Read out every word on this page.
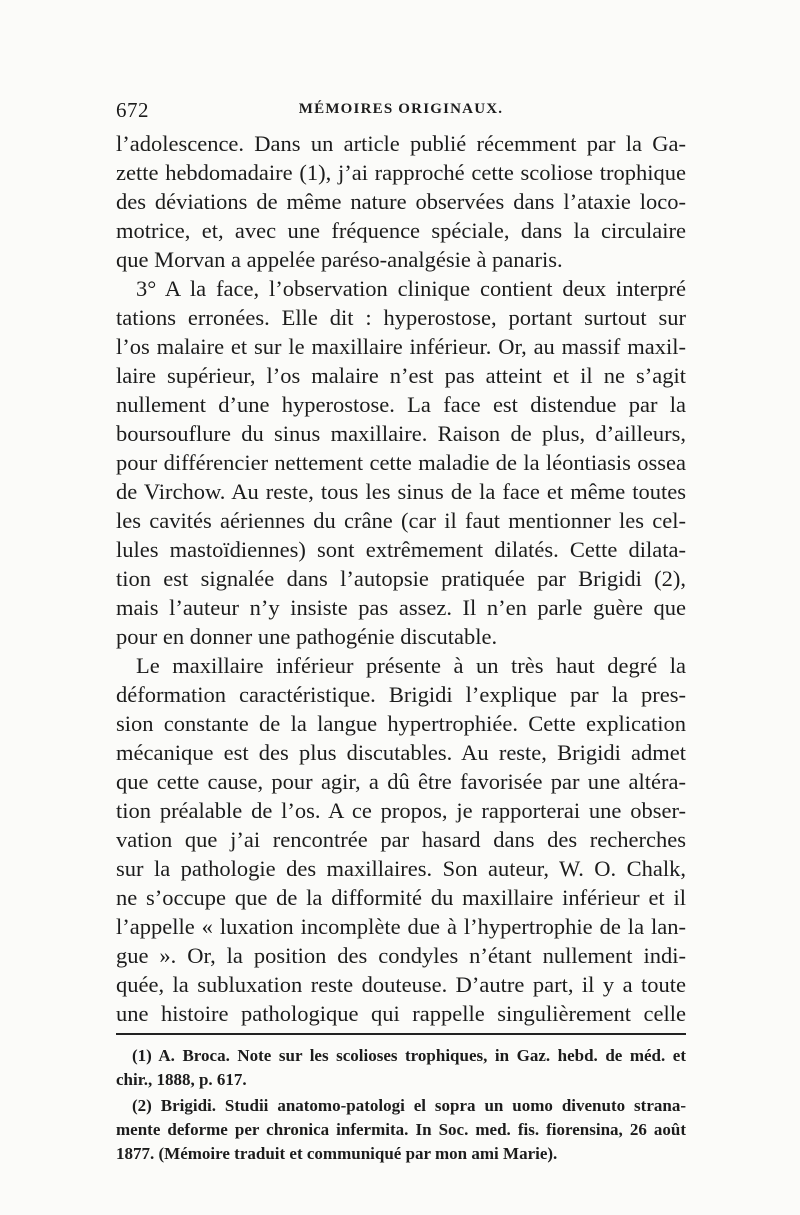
672	MÉMOIRES ORIGINAUX.
l’adolescence. Dans un article publié récemment par la Ga-
zette hebdomadaire (1), j’ai rapproché cette scoliose trophique
des déviations de même nature observées dans l’ataxie loco-
motrice, et, avec une fréquence spéciale, dans la circulaire
que Morvan a appelée paréso-analgésie à panaris.
3° A la face, l’observation clinique contient deux interpré
tations erronées. Elle dit : hyperostose, portant surtout sur
l’os malaire et sur le maxillaire inférieur. Or, au massif maxil-
laire supérieur, l’os malaire n’est pas atteint et il ne s’agit
nullement d’une hyperostose. La face est distendue par la
boursouflure du sinus maxillaire. Raison de plus, d’ailleurs,
pour différencier nettement cette maladie de la léontiasis ossea
de Virchow. Au reste, tous les sinus de la face et même toutes
les cavités aériennes du crâne (car il faut mentionner les cel-
lules mastoïdiennes) sont extrêmement dilatés. Cette dilata-
tion est signalée dans l’autopsie pratiquée par Brigidi (2),
mais l’auteur n’y insiste pas assez. Il n’en parle guère que
pour en donner une pathogénie discutable.
Le maxillaire inférieur présente à un très haut degré la
déformation caractéristique. Brigidi l’explique par la pres-
sion constante de la langue hypertrophiée. Cette explication
mécanique est des plus discutables. Au reste, Brigidi admet
que cette cause, pour agir, a dû être favorisée par une altéra-
tion préalable de l’os. A ce propos, je rapporterai une obser-
vation que j’ai rencontrée par hasard dans des recherches
sur la pathologie des maxillaires. Son auteur, W. O. Chalk,
ne s’occupe que de la difformité du maxillaire inférieur et il
l’appelle « luxation incomplète due à l’hypertrophie de la lan-
gue ». Or, la position des condyles n’étant nullement indi-
quée, la subluxation reste douteuse. D’autre part, il y a toute
une histoire pathologique qui rappelle singulièrement celle
(1) A. Broca. Note sur les scolioses trophiques, in Gaz. hebd. de méd. et
chir., 1888, p. 617.
(2) Brigidi. Studii anatomo-patologi el sopra un uomo divenuto strana-
mente deforme per chronica infermita. In Soc. med. fis. fiorensina, 26 août
1877. (Mémoire traduit et communiqué par mon ami Marie).
